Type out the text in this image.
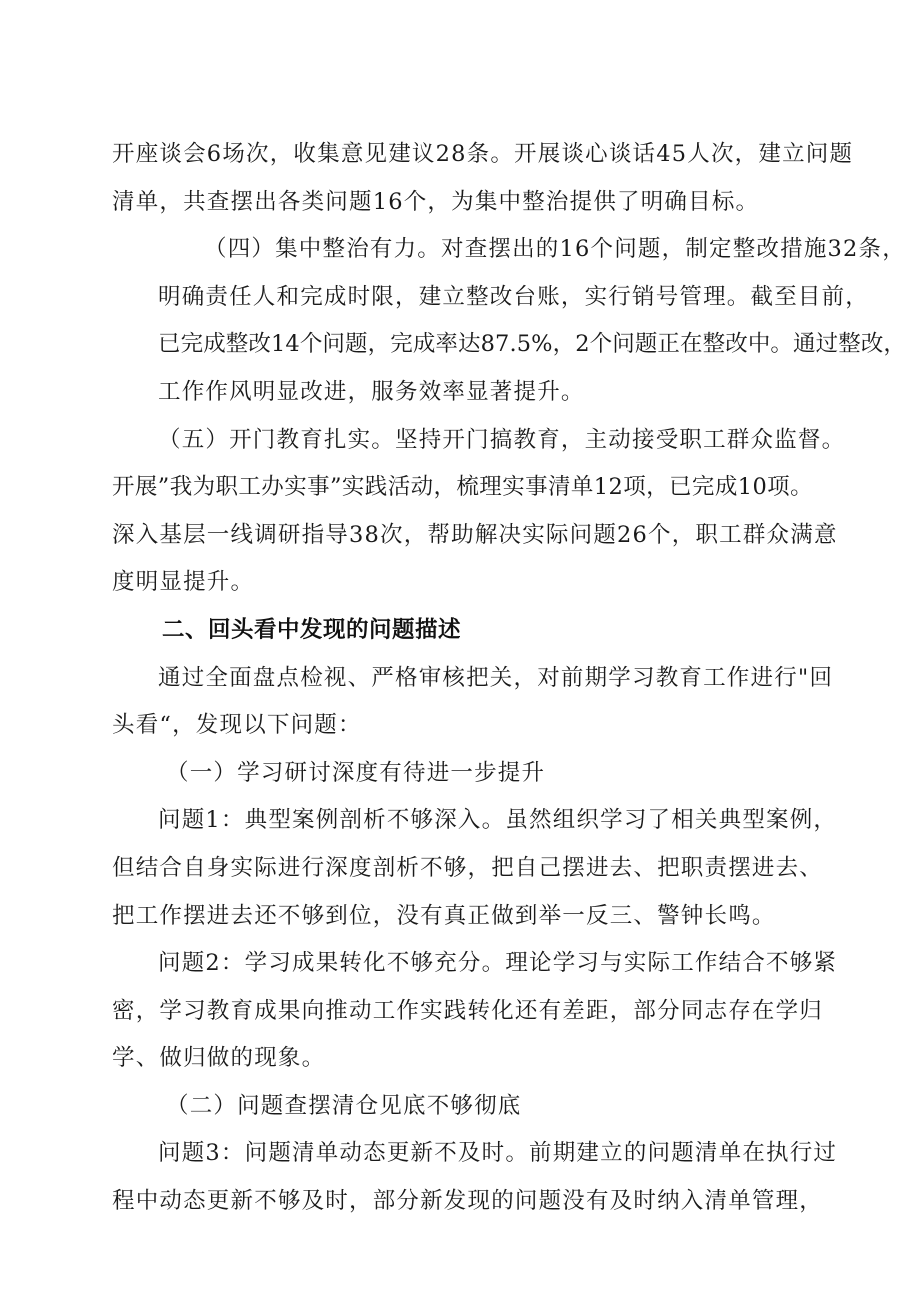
开座谈会6场次，收集意见建议28条。开展谈心谈话45人次，建立问题
清单，共查摆出各类问题16个，为集中整治提供了明确目标。

（四）集中整治有力。对查摆出的16个问题，制定整改措施32条，
明确责任人和完成时限，建立整改台账，实行销号管理。截至目前，
已完成整改14个问题，完成率达87.5%，2个问题正在整改中。通过整改，
工作作风明显改进，服务效率显著提升。

（五）开门教育扎实。坚持开门搞教育，主动接受职工群众监督。
开展”我为职工办实事”实践活动，梳理实事清单12项，已完成10项。
深入基层一线调研指导38次，帮助解决实际问题26个，职工群众满意
度明显提升。

二、回头看中发现的问题描述

通过全面盘点检视、严格审核把关，对前期学习教育工作进行"回
头看“，发现以下问题：

（一）学习研讨深度有待进一步提升

问题1：典型案例剖析不够深入。虽然组织学习了相关典型案例，
但结合自身实际进行深度剖析不够，把自己摆进去、把职责摆进去、
把工作摆进去还不够到位，没有真正做到举一反三、警钟长鸣。

问题2：学习成果转化不够充分。理论学习与实际工作结合不够紧
密，学习教育成果向推动工作实践转化还有差距，部分同志存在学归
学、做归做的现象。

（二）问题查摆清仓见底不够彻底

问题3：问题清单动态更新不及时。前期建立的问题清单在执行过
程中动态更新不够及时，部分新发现的问题没有及时纳入清单管理，
